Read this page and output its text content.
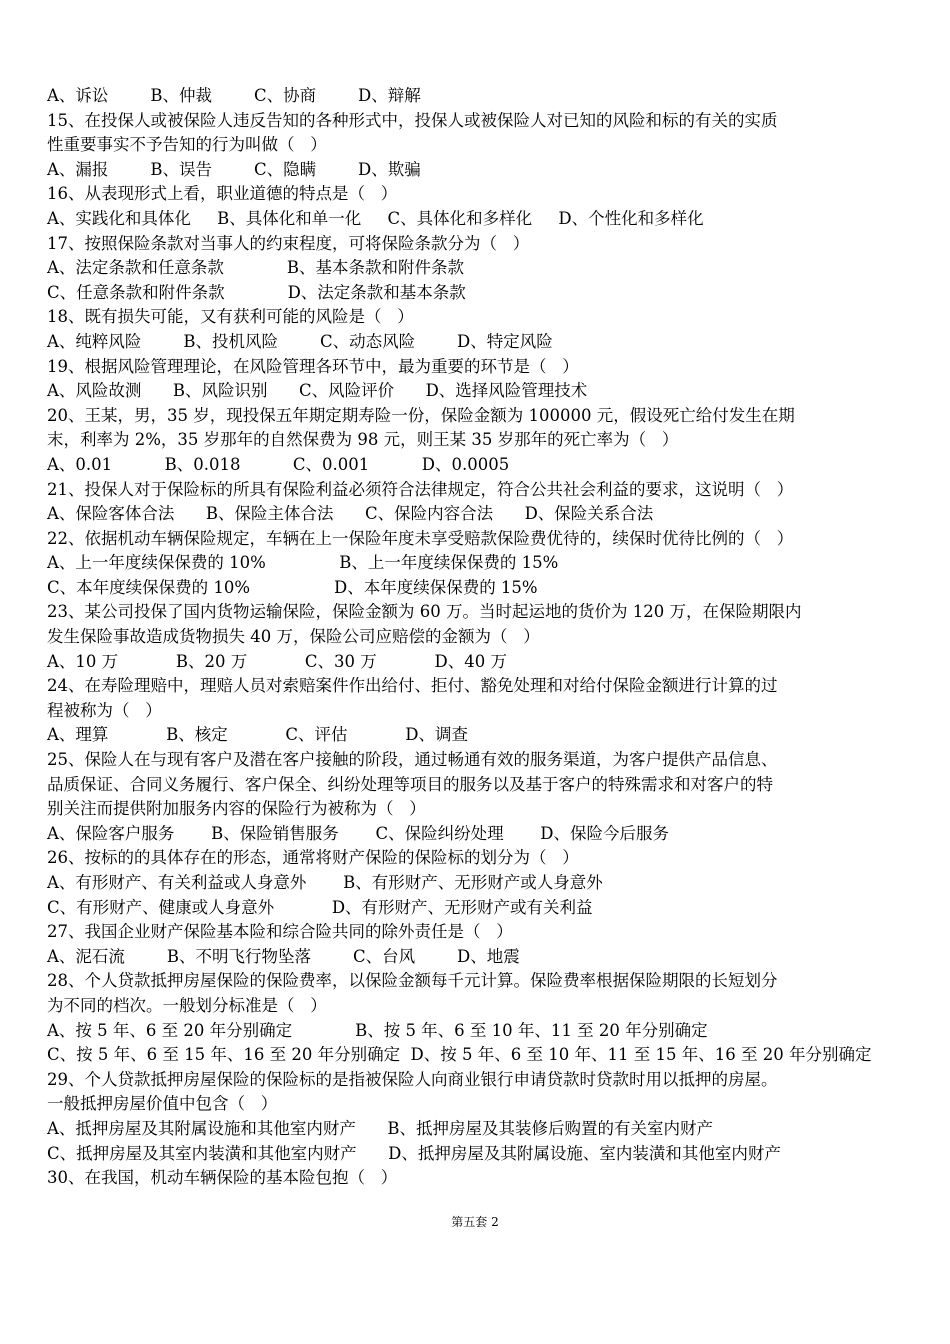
A、诉讼        B、仲裁        C、协商        D、辩解
15、在投保人或被保险人违反告知的各种形式中，投保人或被保险人对已知的风险和标的有关的实质
性重要事实不予告知的行为叫做（   ）
A、漏报        B、误告        C、隐瞒        D、欺骗
16、从表现形式上看，职业道德的特点是（   ）
A、实践化和具体化     B、具体化和单一化     C、具体化和多样化     D、个性化和多样化
17、按照保险条款对当事人的约束程度，可将保险条款分为（   ）
A、法定条款和任意条款            B、基本条款和附件条款
C、任意条款和附件条款            D、法定条款和基本条款
18、既有损失可能，又有获利可能的风险是（   ）
A、纯粹风险        B、投机风险        C、动态风险        D、特定风险
19、根据风险管理理论，在风险管理各环节中，最为重要的环节是（   ）
A、风险故测      B、风险识别      C、风险评价      D、选择风险管理技术
20、王某，男，35 岁，现投保五年期定期寿险一份，保险金额为 100000 元，假设死亡给付发生在期
末，利率为 2%，35 岁那年的自然保费为 98 元，则王某 35 岁那年的死亡率为（   ）
A、0.01          B、0.018          C、0.001          D、0.0005
21、投保人对于保险标的所具有保险利益必须符合法律规定，符合公共社会利益的要求，这说明（   ）
A、保险客体合法      B、保险主体合法      C、保险内容合法      D、保险关系合法
22、依据机动车辆保险规定，车辆在上一保险年度未享受赔款保险费优待的，续保时优待比例的（   ）
A、上一年度续保保费的 10%              B、上一年度续保保费的 15%
C、本年度续保保费的 10%                D、本年度续保保费的 15%
23、某公司投保了国内货物运输保险，保险金额为 60 万。当时起运地的货价为 120 万，在保险期限内
发生保险事故造成货物损失 40 万，保险公司应赔偿的金额为（   ）
A、10 万           B、20 万           C、30 万           D、40 万
24、在寿险理赔中，理赔人员对索赔案件作出给付、拒付、豁免处理和对给付保险金额进行计算的过
程被称为（   ）
A、理算           B、核定           C、评估           D、调查
25、保险人在与现有客户及潜在客户接触的阶段，通过畅通有效的服务渠道，为客户提供产品信息、
品质保证、合同义务履行、客户保全、纠纷处理等项目的服务以及基于客户的特殊需求和对客户的特
别关注而提供附加服务内容的保险行为被称为（   ）
A、保险客户服务       B、保险销售服务       C、保险纠纷处理       D、保险今后服务
26、按标的的具体存在的形态，通常将财产保险的保险标的划分为（   ）
A、有形财产、有关利益或人身意外       B、有形财产、无形财产或人身意外
C、有形财产、健康或人身意外           D、有形财产、无形财产或有关利益
27、我国企业财产保险基本险和综合险共同的除外责任是（   ）
A、泥石流        B、不明飞行物坠落        C、台风        D、地震
28、个人贷款抵押房屋保险的保险费率，以保险金额每千元计算。保险费率根据保险期限的长短划分
为不同的档次。一般划分标准是（   ）
A、按 5 年、6 至 20 年分别确定            B、按 5 年、6 至 10 年、11 至 20 年分别确定
C、按 5 年、6 至 15 年、16 至 20 年分别确定  D、按 5 年、6 至 10 年、11 至 15 年、16 至 20 年分别确定
29、个人贷款抵押房屋保险的保险标的是指被保险人向商业银行申请贷款时贷款时用以抵押的房屋。
一般抵押房屋价值中包含（   ）
A、抵押房屋及其附属设施和其他室内财产      B、抵押房屋及其装修后购置的有关室内财产
C、抵押房屋及其室内装潢和其他室内财产      D、抵押房屋及其附属设施、室内装潢和其他室内财产
30、在我国，机动车辆保险的基本险包抱（   ）
第五套 2
